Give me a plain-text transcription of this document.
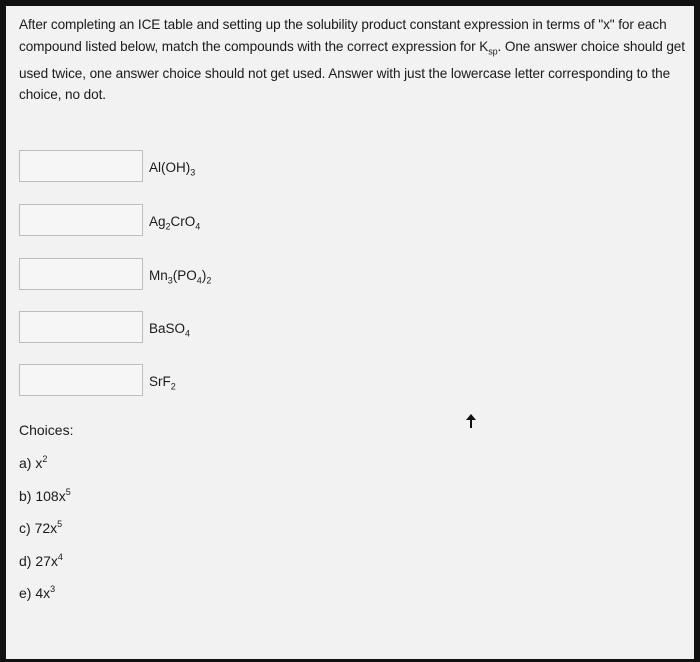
After completing an ICE table and setting up the solubility product constant expression in terms of "x" for each compound listed below, match the compounds with the correct expression for $K_{sp}$. One answer choice should get used twice, one answer choice should not get used. Answer with just the lowercase letter corresponding to the choice, no dot.

$Al(OH)_3$
$Ag_2CrO_4$
$Mn_3(PO_4)_2$
BaSO$_4$
SrF$_2$
Choices:
a) $x^2$
b) $108x^5$
c) $72x^5$
d) $27x^4$
e) $4x^3$
